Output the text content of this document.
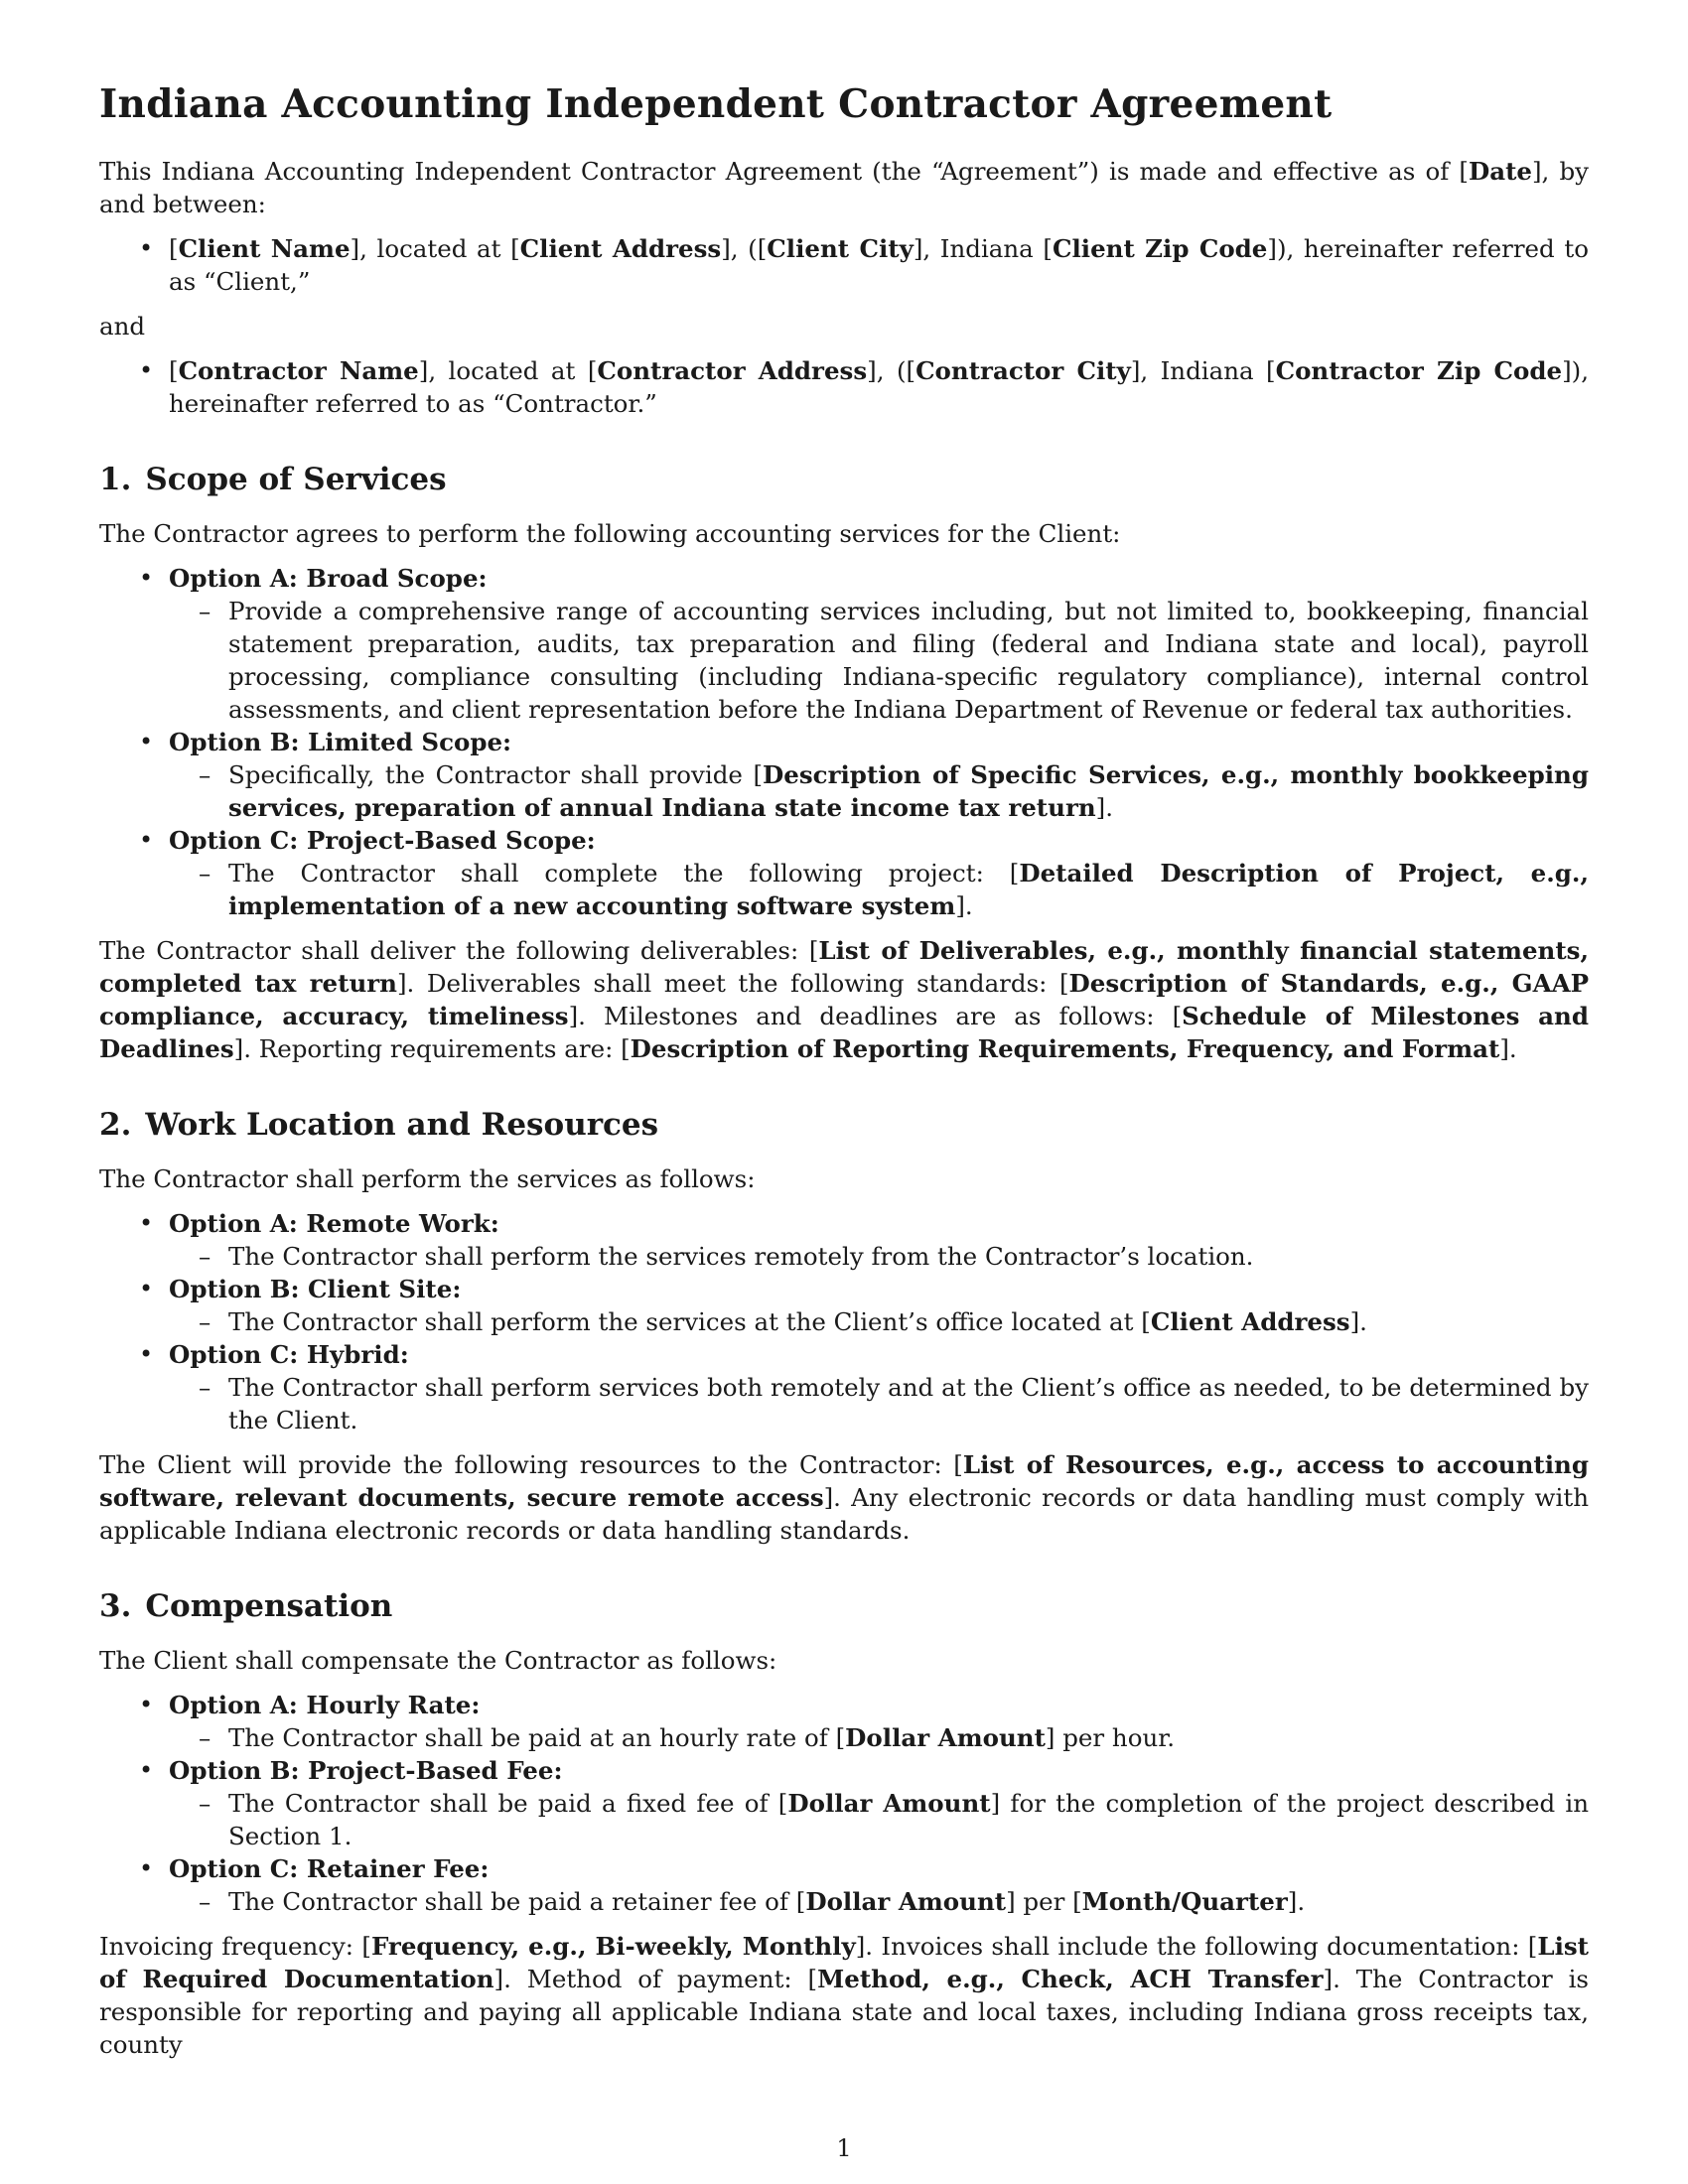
Indiana Accounting Independent Contractor Agreement

This Indiana Accounting Independent Contractor Agreement (the “Agreement”) is made and effective as of [Date], by and between:

• [Client Name], located at [Client Address], ([Client City], Indiana [Client Zip Code]), hereinafter referred to as “Client,”

and

• [Contractor Name], located at [Contractor Address], ([Contractor City], Indiana [Contractor Zip Code]), hereinafter referred to as “Contractor.”
1. Scope of Services

The Contractor agrees to perform the following accounting services for the Client:

• Option A: Broad Scope:
– Provide a comprehensive range of accounting services including, but not limited to, bookkeeping, financial statement preparation, audits, tax preparation and filing (federal and Indiana state and local), payroll processing, compliance consulting (including Indiana-specific regulatory compliance), internal control assessments, and client representation before the Indiana Department of Revenue or federal tax authorities.
• Option B: Limited Scope:
– Specifically, the Contractor shall provide [Description of Specific Services, e.g., monthly bookkeeping services, preparation of annual Indiana state income tax return].
• Option C: Project-Based Scope:
– The Contractor shall complete the following project: [Detailed Description of Project, e.g., implementation of a new accounting software system].

The Contractor shall deliver the following deliverables: [List of Deliverables, e.g., monthly financial statements, completed tax return]. Deliverables shall meet the following standards: [Description of Standards, e.g., GAAP compliance, accuracy, timeliness]. Milestones and deadlines are as follows: [Schedule of Milestones and Deadlines]. Reporting requirements are: [Description of Reporting Requirements, Frequency, and Format].

2. Work Location and Resources

The Contractor shall perform the services as follows:

• Option A: Remote Work:
– The Contractor shall perform the services remotely from the Contractor’s location.
• Option B: Client Site:
– The Contractor shall perform the services at the Client’s office located at [Client Address].
• Option C: Hybrid:
– The Contractor shall perform services both remotely and at the Client’s office as needed, to be determined by the Client.

The Client will provide the following resources to the Contractor: [List of Resources, e.g., access to accounting software, relevant documents, secure remote access]. Any electronic records or data handling must comply with applicable Indiana electronic records or data handling standards.

3. Compensation

The Client shall compensate the Contractor as follows:

• Option A: Hourly Rate:
– The Contractor shall be paid at an hourly rate of [Dollar Amount] per hour.
• Option B: Project-Based Fee:
– The Contractor shall be paid a fixed fee of [Dollar Amount] for the completion of the project described in Section 1.
• Option C: Retainer Fee:
– The Contractor shall be paid a retainer fee of [Dollar Amount] per [Month/Quarter].

Invoicing frequency: [Frequency, e.g., Bi-weekly, Monthly]. Invoices shall include the following documentation: [List of Required Documentation]. Method of payment: [Method, e.g., Check, ACH Transfer]. The Contractor is responsible for reporting and paying all applicable Indiana state and local taxes, including Indiana gross receipts tax, county

1
